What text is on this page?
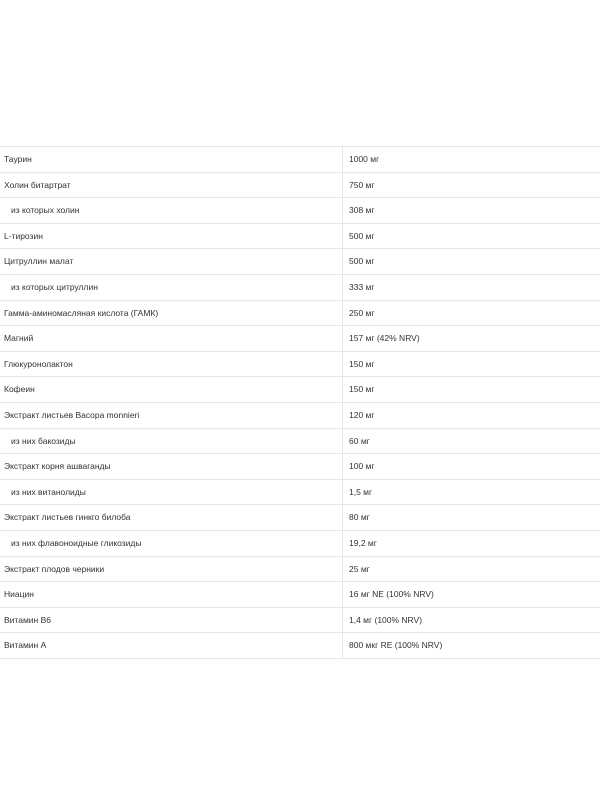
Таурин	1000 мг
Холин битартрат	750 мг
из которых холин	308 мг
L-тирозин	500 мг
Цитруллин малат	500 мг
из которых цитруллин	333 мг
Гамма-аминомасляная кислота (ГАМК)	250 мг
Магний	157 мг (42% NRV)
Глюкуронолактон	150 мг
Кофеин	150 мг
Экстракт листьев Bacopa monnieri	120 мг
из них бакозиды	60 мг
Экстракт корня ашваганды	100 мг
из них витанолиды	1,5 мг
Экстракт листьев гинкго билоба	80 мг
из них флавоноидные гликозиды	19,2 мг
Экстракт плодов черники	25 мг
Ниацин	16 мг NE (100% NRV)
Витамин B6	1,4 мг (100% NRV)
Витамин A	800 мкг RE (100% NRV)
